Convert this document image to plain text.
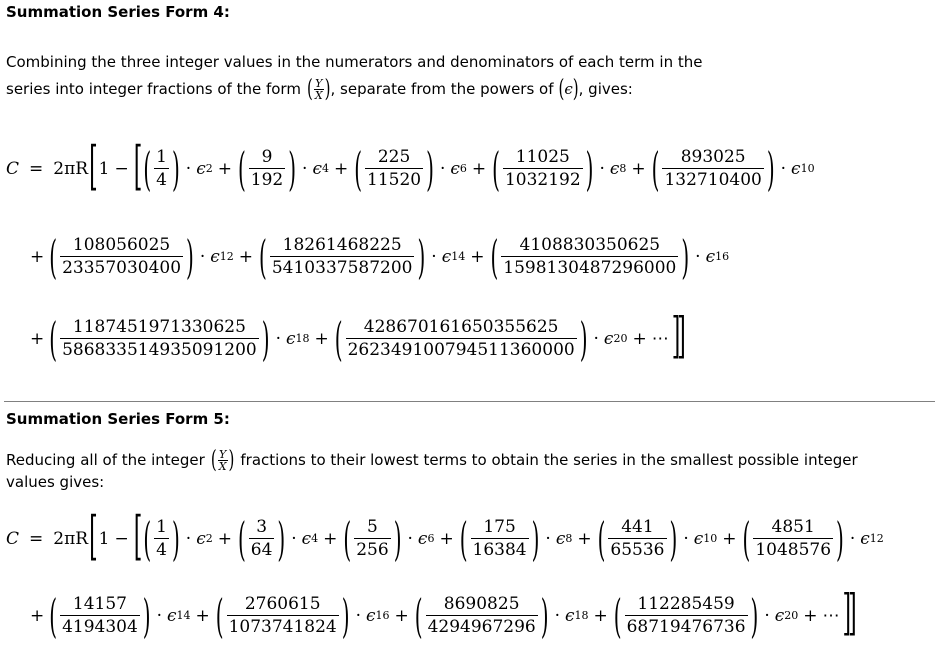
Summation Series Form 4:
Combining the three integer values in the numerators and denominators of each term in the
series into integer fractions of the form ( Y
X ) , separate from the powers of ( ϵ ) , gives:
C = 2πR [ 1 − [ ( $\frac{1}{4}$ ) · ϵ 2 + ( $\frac{9}{192}$ ) · ϵ 4 + ( $\frac{225}{11520}$ ) · ϵ 6 + ( $\frac{11025}{1032192}$ ) · ϵ 8 + ( $\frac{893025}{132710400}$ ) · ϵ 10
+ ( $\frac{108056025}{23357030400}$ ) · ϵ 12 + ( $\frac{18261468225}{5410337587200}$ ) · ϵ 14 + ( $\frac{4108830350625}{1598130487296000}$ ) · ϵ 16
+ ( $\frac{1187451971330625}{586833514935091200}$ ) · ϵ 18 + ( $\frac{428670161650355625}{262349100794511360000}$ ) · ϵ 20 + ⋯ ]]
Summation Series Form 5:
Reducing all of the integer ( Y
X ) fractions to their lowest terms to obtain the series in the smallest possible integer
values gives:
C = 2πR [ 1 − [ ( $\frac{1}{4}$ ) · ϵ 2 + ( $\frac{3}{64}$ ) · ϵ 4 + ( $\frac{5}{256}$ ) · ϵ 6 + ( $\frac{175}{16384}$ ) · ϵ 8 + ( $\frac{441}{65536}$ ) · ϵ 10 + ( $\frac{4851}{1048576}$ ) · ϵ 12
+ ( $\frac{14157}{4194304}$ ) · ϵ 14 + ( $\frac{2760615}{1073741824}$ ) · ϵ 16 + ( $\frac{8690825}{4294967296}$ ) · ϵ 18 + ( $\frac{112285459}{68719476736}$ ) · ϵ 20 + ⋯ ]]
